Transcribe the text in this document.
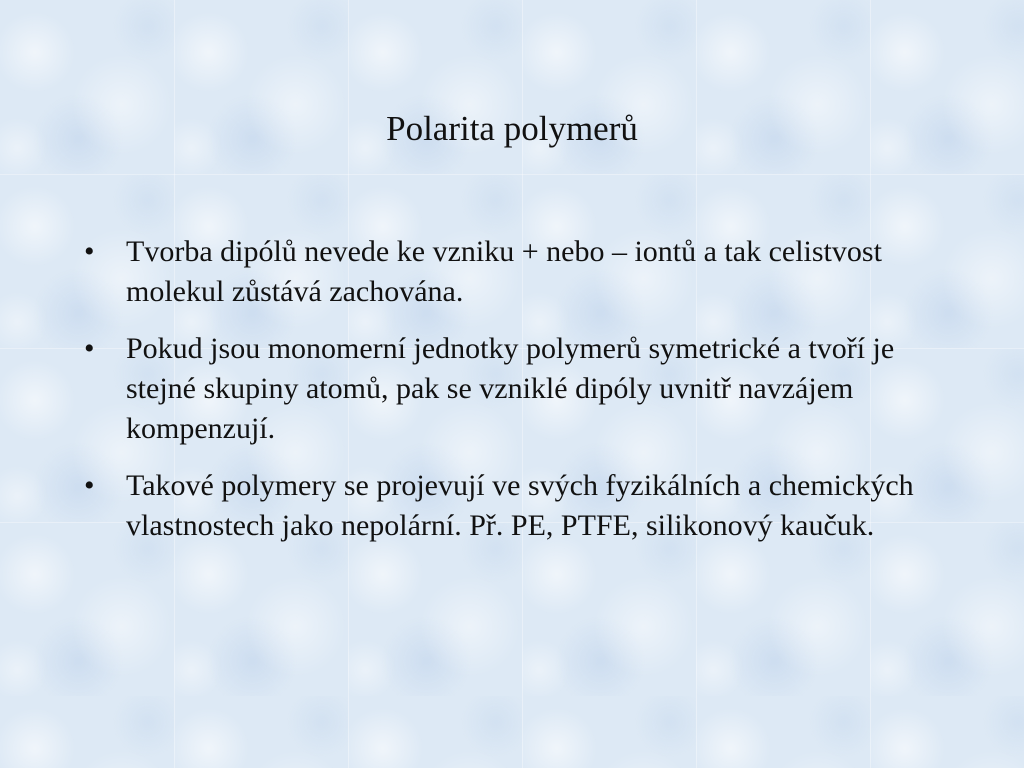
Polarita polymerů
• Tvorba dipólů nevede ke vzniku + nebo – iontů a tak celistvost molekul zůstává zachována.
• Pokud jsou monomerní jednotky polymerů symetrické a tvoří je stejné skupiny atomů, pak se vzniklé dipóly uvnitř navzájem kompenzují.
• Takové polymery se projevují ve svých fyzikálních a chemických vlastnostech jako nepolární. Př. PE, PTFE, silikonový kaučuk.
